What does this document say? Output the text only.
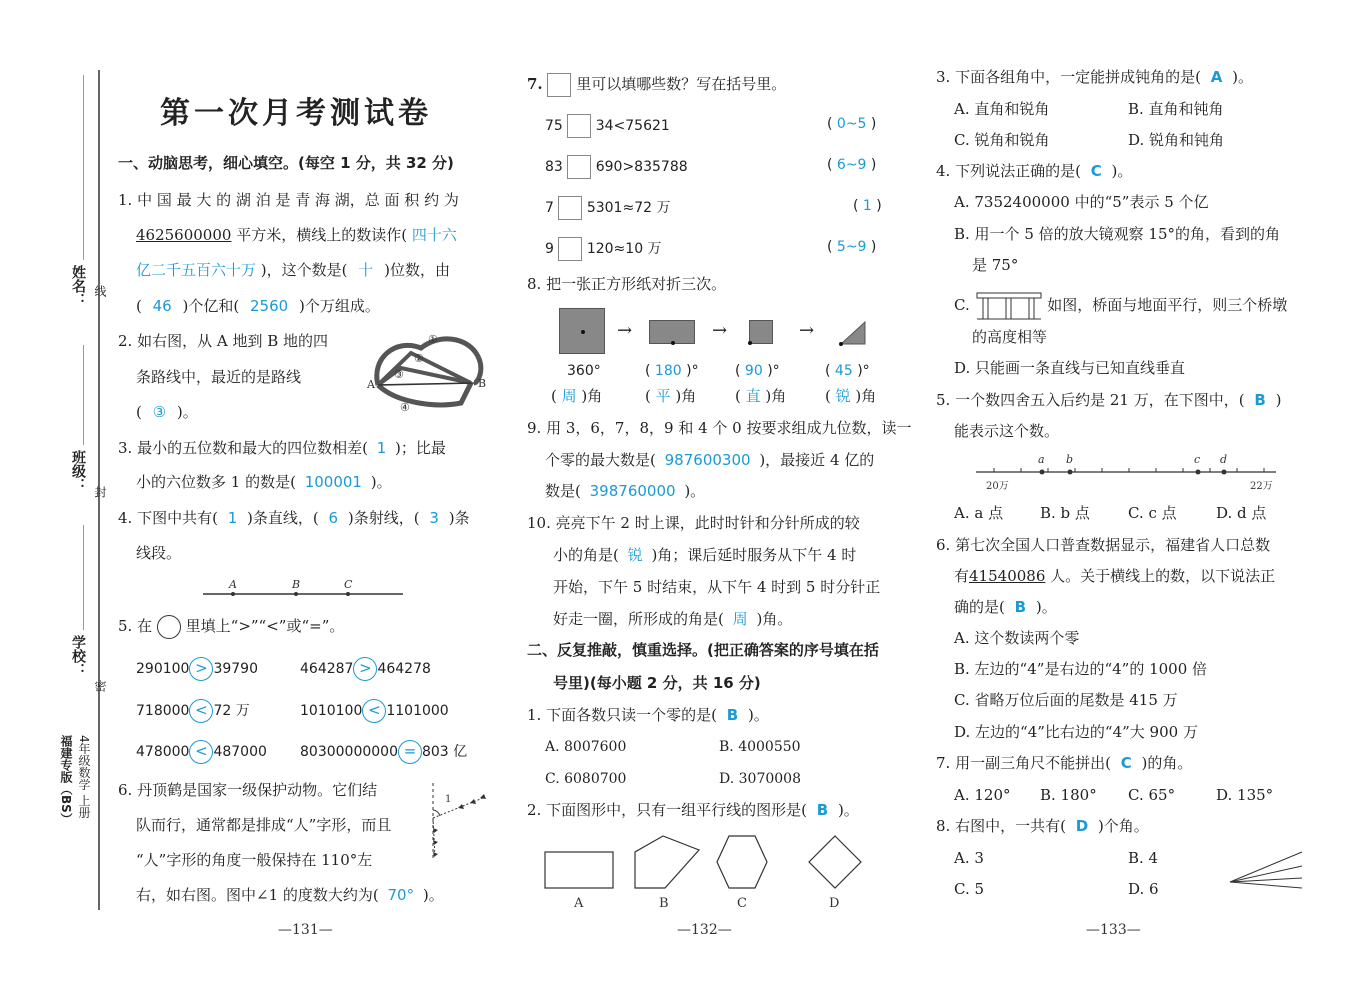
姓名： 线
班级： 封
学校：
密
福建专版（BS） 4年级数学 上册
第一次月考测试卷
一、动脑思考，细心填空。(每空 1 分，共 32 分)
1. 中 国 最 大 的 湖 泊 是 青 海 湖，总 面 积 约 为
4625600000 平方米，横线上的数读作( 四十六
亿二千五百六十万 )，这个数是( 十 )位数，由
( 46 )个亿和( 2560 )个万组成。
2. 如右图，从 A 地到 B 地的四
条路线中，最近的是路线
( ③ )。
①
②
③
④
A	B
3. 最小的五位数和最大的四位数相差( 1 )；比最
小的六位数多 1 的数是( 100001 )。
4. 下图中共有( 1 )条直线，( 6 )条射线，( 3 )条
线段。
A	B	C
5. 在 里填上“>”“<”或“=”。
290100 > 39790	464287 > 464278
718000 < 72 万	1010100 < 1101000
478000 < 487000 80300000000 = 803 亿
6. 丹顶鹤是国家一级保护动物。它们结
队而行，通常都是排成“人”字形，而且
“人”字形的角度一般保持在 110°左
右，如右图。图中∠1 的度数大约为( 70° )。
1
—131—
7. 里可以填哪些数？写在括号里。
75 34<75621	( 0~5 )
83 690>835788	( 6~9 )
7 5301≈72 万	( 1 )
9 120≈10 万	( 5~9 )
8. 把一张正方形纸对折三次。
→	→	→
360°	( 180 )°	( 90 )°	( 45 )°
( 周 )角	( 平 )角	( 直 )角	( 锐 )角
9. 用 3，6，7，8，9 和 4 个 0 按要求组成九位数，读一
个零的最大数是( 987600300 )，最接近 4 亿的
数是( 398760000 )。
10. 亮亮下午 2 时上课，此时时针和分针所成的较
小的角是( 锐 )角；课后延时服务从下午 4 时
开始，下午 5 时结束，从下午 4 时到 5 时分针正
好走一圈，所形成的角是( 周 )角。
二、反复推敲，慎重选择。(把正确答案的序号填在括
号里)(每小题 2 分，共 16 分)
1. 下面各数只读一个零的是( B )。
A. 8007600	B. 4000550
C. 6080700	D. 3070008
2. 下面图形中，只有一组平行线的图形是( B )。
A	B	C	D
—132—
3. 下面各组角中，一定能拼成钝角的是( A )。
A. 直角和锐角	B. 直角和钝角
C. 锐角和锐角	D. 锐角和钝角
4. 下列说法正确的是( C )。
A. 7352400000 中的“5”表示 5 个亿
B. 用一个 5 倍的放大镜观察 15°的角，看到的角
是 75°
C.	如图，桥面与地面平行，则三个桥墩
的高度相等
D. 只能画一条直线与已知直线垂直
5. 一个数四舍五入后约是 21 万，在下图中，( B )
能表示这个数。
a b	c d
20万	22万
A. a 点 B. b 点	C. c 点	D. d 点
6. 第七次全国人口普查数据显示，福建省人口总数
有41540086 人。关于横线上的数，以下说法正
确的是( B )。
A. 这个数读两个零
B. 左边的“4”是右边的“4”的 1000 倍
C. 省略万位后面的尾数是 415 万
D. 左边的“4”比右边的“4”大 900 万
7. 用一副三角尺不能拼出( C )的角。
A. 120° B. 180° C. 65°	D. 135°
8. 右图中，一共有( D )个角。
A. 3	B. 4
C. 5	D. 6
—133—
